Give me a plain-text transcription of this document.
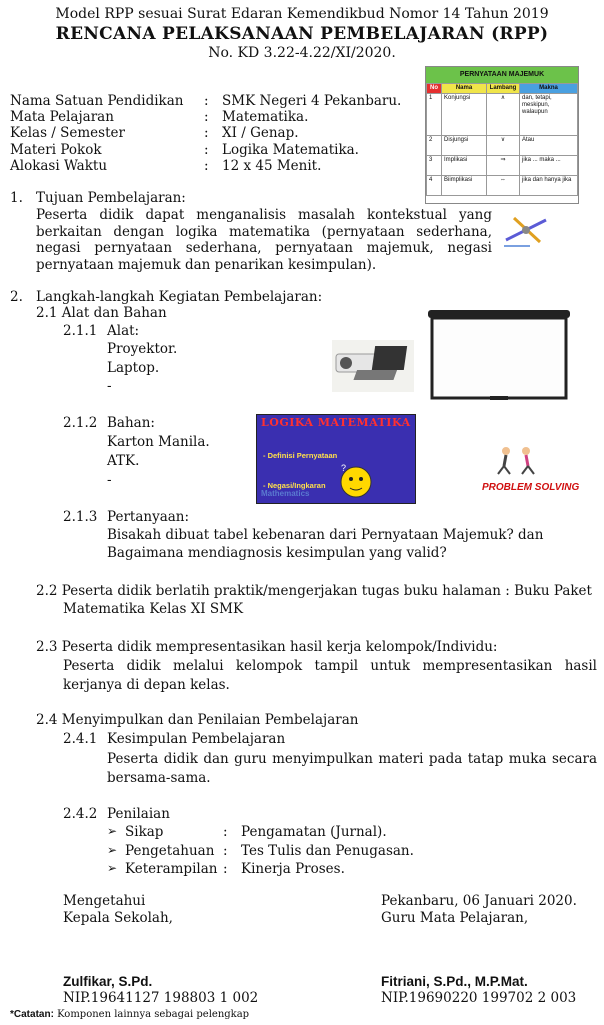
Model RPP sesuai Surat Edaran Kemendikbud Nomor 14 Tahun 2019
RENCANA PELAKSANAAN PEMBELAJARAN (RPP)
No. KD 3.22-4.22/XI/2020.
Nama Satuan Pendidikan : SMK Negeri 4 Pekanbaru.
Mata Pelajaran	: Matematika.
Kelas / Semester	: XI / Genap.
Materi Pokok	: Logika Matematika.
Alokasi Waktu	: 12 x 45 Menit.
PERNYATAAN MAJEMUK
No	Nama	Lambang	Makna
1	Konjungsi	∧	dan, tetapi, meskipun, walaupun
2	Disjungsi	∨	Atau
3	Implikasi	⇒	jika ... maka ...
4	Biimplikasi	⇔	jika dan hanya jika
1. Tujuan Pembelajaran:
Peserta didik dapat menganalisis masalah kontekstual yang berkaitan dengan logika matematika (pernyataan sederhana, negasi pernyataan sederhana, pernyataan majemuk, negasi pernyataan majemuk dan penarikan kesimpulan).
2. Langkah-langkah Kegiatan Pembelajaran:
2.1 Alat dan Bahan
2.1.1 Alat:
Proyektor.
Laptop.
-
2.1.2 Bahan:
Karton Manila.
ATK.
-
LOGIKA MATEMATIKA

- Definisi Pernyataan

- Negasi/Ingkaran

?
Mathematics
PROBLEM SOLVING
2.1.3 Pertanyaan:
Bisakah dibuat tabel kebenaran dari Pernyataan Majemuk? dan
Bagaimana mendiagnosis kesimpulan yang valid?
2.2 Peserta didik berlatih praktik/mengerjakan tugas buku halaman : Buku Paket
Matematika Kelas XI SMK
2.3 Peserta didik mempresentasikan hasil kerja kelompok/Individu:
Peserta didik melalui kelompok tampil untuk mempresentasikan hasil kerjanya di depan kelas.
2.4 Menyimpulkan dan Penilaian Pembelajaran
2.4.1 Kesimpulan Pembelajaran
Peserta didik dan guru menyimpulkan materi pada tatap muka secara bersama-sama.
2.4.2 Penilaian
➢ Sikap	: Pengamatan (Jurnal).
➢ Pengetahuan : Tes Tulis dan Penugasan.
➢ Keterampilan : Kinerja Proses.
Mengetahui
Kepala Sekolah,
Pekanbaru, 06 Januari 2020.
Guru Mata Pelajaran,
Zulfikar, S.Pd.
NIP.19641127 198803 1 002
Fitriani, S.Pd., M.P.Mat.
NIP.19690220 199702 2 003
*Catatan: Komponen lainnya sebagai pelengkap
